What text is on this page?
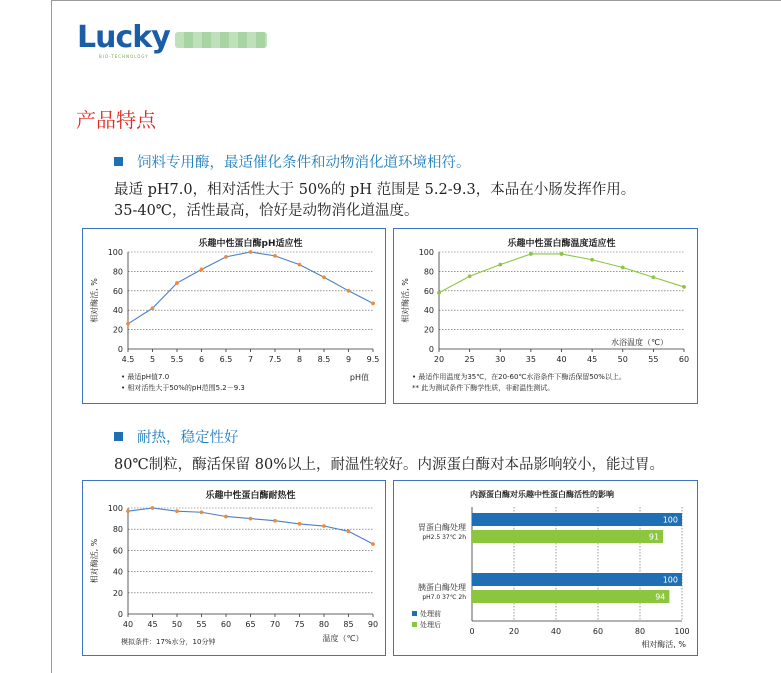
Lucky
BIO-TECHNOLOGY
产品特点
饲料专用酶，最适催化条件和动物消化道环境相符。
最适 pH7.0，相对活性大于 50%的 pH 范围是 5.2-9.3，本品在小肠发挥作用。
35-40℃，活性最高，恰好是动物消化道温度。
乐趣中性蛋白酶pH适应性
0
20
40
60
80
100
4.5 5 5.5 6 6.5 7 7.5 8 8.5 9 9.5
相对酶活, %
pH值
• 最适pH值7.0
• 相对活性大于50%的pH范围5.2－9.3
乐趣中性蛋白酶温度适应性
0
20
40
60
80
100
20	25	30	35	40	45	50	55	60
相对酶活, %
水浴温度（℃）
• 最适作用温度为35℃，在20-60℃水浴条件下酶活保留50%以上。
** 此为测试条件下酶学性质，非耐温性测试。
耐热，稳定性好
80℃制粒，酶活保留 80%以上，耐温性较好。内源蛋白酶对本品影响较小，能过胃。
乐趣中性蛋白酶耐热性
0
20
40
60
80
100
40 45 50 55 60 65 70 75 80 85 90
相对酶活, %
温度（℃）
模拟条件：17%水分，10分钟
内源蛋白酶对乐趣中性蛋白酶活性的影响
0	20	40	60	80	100
相对酶活, %
胃蛋白酶处理
pH2.5 37℃ 2h
100
91
胰蛋白酶处理
pH7.0 37℃ 2h
100
94
处理前
处理后
